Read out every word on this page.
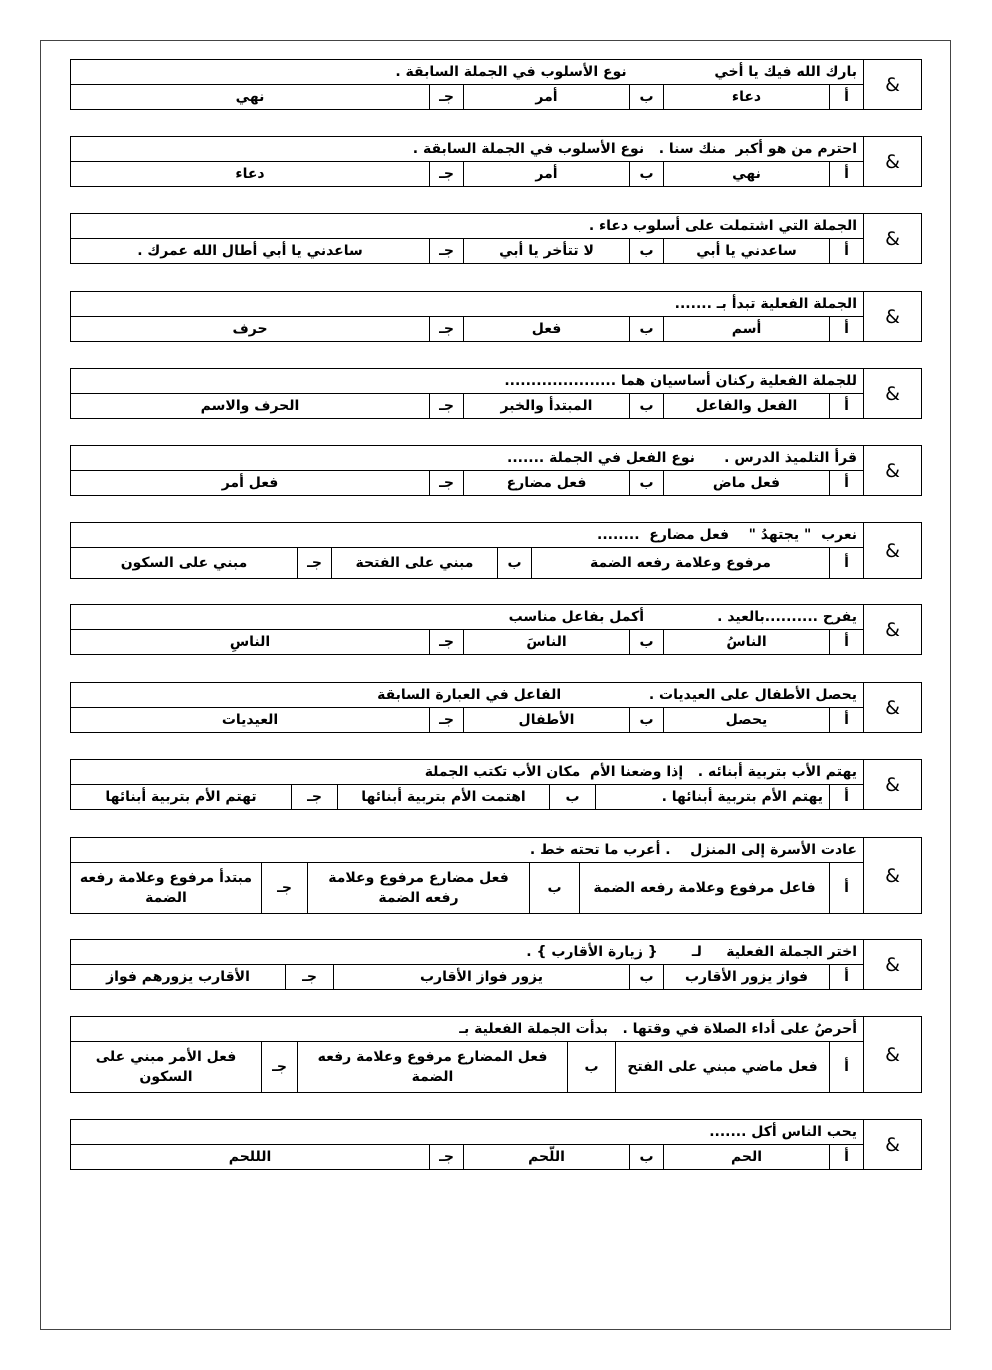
&	بارك الله فيك يا أخي                  نوع الأسلوب في الجملة السابقة .					
	أ	دعاء	ب	أمر	جـ	نهي
&	احترم من هو أكبر  منك سنا .   نوع الأسلوب في الجملة السابقة .					
	أ	نهي	ب	أمر	جـ	دعاء
&	الجملة التي اشتملت على أسلوب دعاء .					
	أ	ساعدني يا أبي	ب	لا تتأخر يا أبي	جـ	ساعدني يا أبي أطال الله عمرك .
&	الجملة الفعلية تبدأ بـ .......					
	أ	أسم	ب	فعل	جـ	حرف
&	للجملة الفعلية ركنان أساسيان هما .....................					
	أ	الفعل والفاعل	ب	المبتدأ والخبر	جـ	الحرف والاسم
&	قرأ التلميذ الدرس .      نوع الفعل في الجملة .......					
	أ	فعل ماض	ب	فعل مضارع	جـ	فعل أمر
&	نعرب  " يجتهدُ "    فعل مضارع  ........					
	أ	مرفوع وعلامة رفعه الضمة	ب	مبني على الفتحة	جـ	مبني على السكون
&	يفرح ..........بالعيد .               أكمل بفاعل مناسب					
	أ	الناسُ	ب	الناسَ	جـ	الناسِ
&	يحصل الأطفال على العيديات .                  الفاعل في العبارة السابقة					
	أ	يحصل	ب	الأطفال	جـ	العيديات
&	يهتم الأب بتربية أبنائه .   إذا وضعنا الأم  مكان الأب تكتب الجملة					
	أ	يهتم الأم بتربية أبنائها .	ب	اهتمت الأم بتربية أبنائها	جـ	تهتم الأم بتربية أبنائها
&	عادت الأسرة إلى المنزل    . أعرب ما تحته خط .					
	أ	فاعل مرفوع وعلامة رفعه الضمة	ب	فعل مضارع مرفوع وعلامة رفعه الضمة	جـ	مبتدأ مرفوع وعلامة رفعه الضمة
&	اختر الجملة الفعلية     لـ       { زيارة الأقارب } .					
	أ	فواز يزور الأقارب	ب	يزور فواز الأقارب	جـ	الأقارب يزورهم فواز
&	أحرصُ على أداء الصلاة في وقتها .   بدأت الجملة الفعلية بـ					
	أ	فعل ماضي مبني على الفتح	ب	فعل المضارع مرفوع وعلامة رفعه الضمة	جـ	فعل الأمر مبني على السكون
&	يحب الناس أكل .......					
	أ	الحم	ب	اللّحم	جـ	الللحم
